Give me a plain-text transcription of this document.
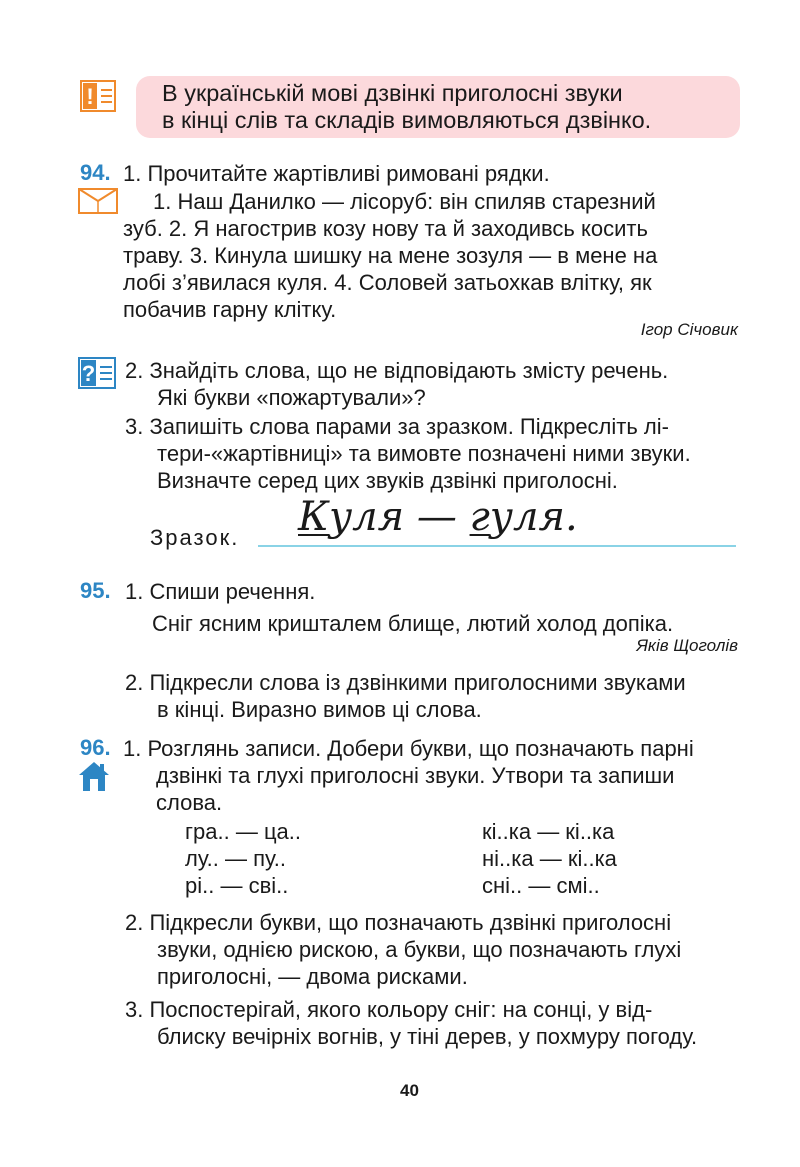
!	В українській мові дзвінкі приголосні звуки
в кінці слів та складів вимовляються дзвінко.
94. 1. Прочитайте жартівливі римовані рядки.
1. Наш Данилко — лісоруб: він спиляв старезний
зуб. 2. Я нагострив козу нову та й заходивсь косить
траву. 3. Кинула шишку на мене зозуля — в мене на
лобі з’явилася куля. 4. Соловей затьохкав влітку, як
побачив гарну клітку.
Ігор Січовик
? 2. Знайдіть слова, що не відповідають змісту речень.
Які букви «пожартували»?
3. Запишіть слова парами за зразком. Підкресліть лі-
тери-«жартівниці» та вимовте позначені ними звуки.
Визначте серед цих звуків дзвінкі приголосні.
Зразок. Куля — гуля.
95. 1. Спиши речення.
Сніг ясним кришталем блище, лютий холод допіка.
Яків Щоголів
2. Підкресли слова із дзвінкими приголосними звуками
в кінці. Виразно вимов ці слова.
96. 1. Розглянь записи. Добери букви, що позначають парні
дзвінкі та глухі приголосні звуки. Утвори та запиши
слова.
гра.. — ца..
лу.. — пу..
рі.. — сві..
кі..ка — кі..ка
ні..ка — кі..ка
сні.. — смі..
2. Підкресли букви, що позначають дзвінкі приголосні
звуки, однією рискою, а букви, що позначають глухі
приголосні, — двома рисками.
3. Поспостерігай, якого кольору сніг: на сонці, у від-
блиску вечірніх вогнів, у тіні дерев, у похмуру погоду.
40
